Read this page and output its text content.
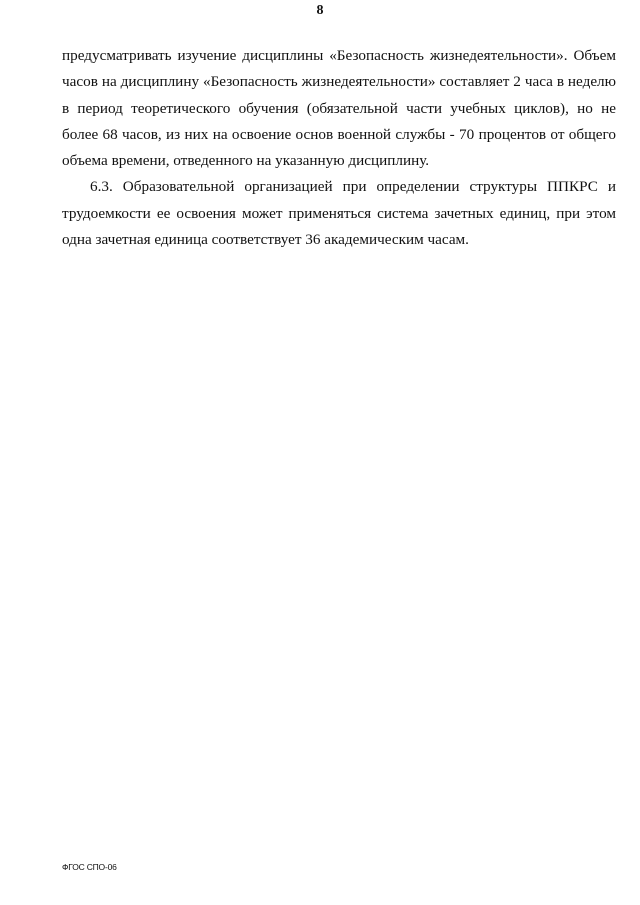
8
предусматривать изучение дисциплины «Безопасность жизнедеятельности». Объем
часов на дисциплину «Безопасность жизнедеятельности» составляет 2 часа в неделю
в период теоретического обучения (обязательной части учебных циклов), но не
более 68 часов, из них на освоение основ военной службы - 70 процентов от общего
объема времени, отведенного на указанную дисциплину.
6.3. Образовательной организацией при определении структуры ППКРС и
трудоемкости ее освоения может применяться система зачетных единиц, при этом
одна зачетная единица соответствует 36 академическим часам.
ФГОС СПО-06
